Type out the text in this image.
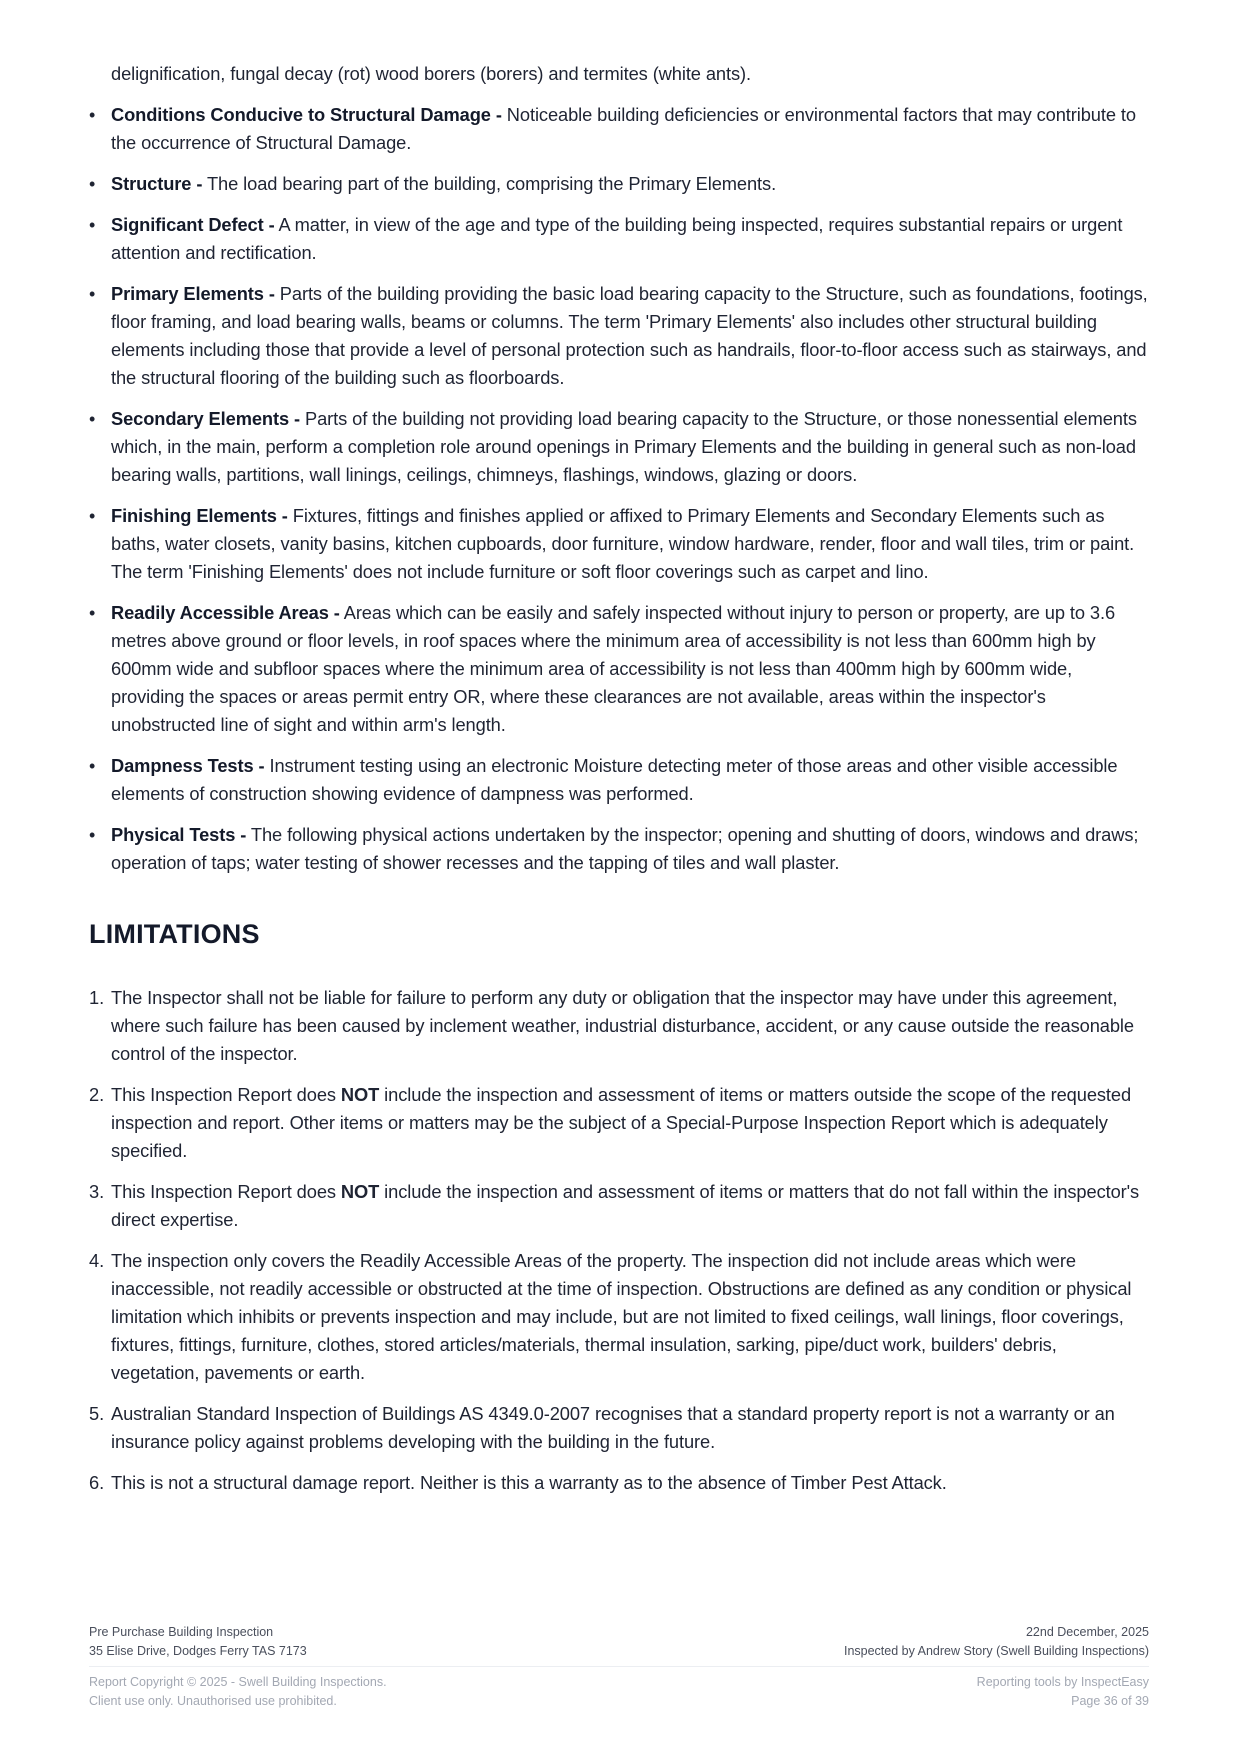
delignification, fungal decay (rot) wood borers (borers) and termites (white ants).
• Conditions Conducive to Structural Damage - Noticeable building deficiencies or environmental factors that may contribute to the occurrence of Structural Damage.
• Structure - The load bearing part of the building, comprising the Primary Elements.
• Significant Defect - A matter, in view of the age and type of the building being inspected, requires substantial repairs or urgent attention and rectification.
• Primary Elements - Parts of the building providing the basic load bearing capacity to the Structure, such as foundations, footings, floor framing, and load bearing walls, beams or columns. The term 'Primary Elements' also includes other structural building elements including those that provide a level of personal protection such as handrails, floor-to-floor access such as stairways, and the structural flooring of the building such as floorboards.
• Secondary Elements - Parts of the building not providing load bearing capacity to the Structure, or those nonessential elements which, in the main, perform a completion role around openings in Primary Elements and the building in general such as non-load bearing walls, partitions, wall linings, ceilings, chimneys, flashings, windows, glazing or doors.
• Finishing Elements - Fixtures, fittings and finishes applied or affixed to Primary Elements and Secondary Elements such as baths, water closets, vanity basins, kitchen cupboards, door furniture, window hardware, render, floor and wall tiles, trim or paint. The term 'Finishing Elements' does not include furniture or soft floor coverings such as carpet and lino.
• Readily Accessible Areas - Areas which can be easily and safely inspected without injury to person or property, are up to 3.6 metres above ground or floor levels, in roof spaces where the minimum area of accessibility is not less than 600mm high by 600mm wide and subfloor spaces where the minimum area of accessibility is not less than 400mm high by 600mm wide, providing the spaces or areas permit entry OR, where these clearances are not available, areas within the inspector's unobstructed line of sight and within arm's length.
• Dampness Tests - Instrument testing using an electronic Moisture detecting meter of those areas and other visible accessible elements of construction showing evidence of dampness was performed.
• Physical Tests - The following physical actions undertaken by the inspector; opening and shutting of doors, windows and draws; operation of taps; water testing of shower recesses and the tapping of tiles and wall plaster.
LIMITATIONS
1. The Inspector shall not be liable for failure to perform any duty or obligation that the inspector may have under this agreement, where such failure has been caused by inclement weather, industrial disturbance, accident, or any cause outside the reasonable control of the inspector.
2. This Inspection Report does NOT include the inspection and assessment of items or matters outside the scope of the requested inspection and report. Other items or matters may be the subject of a Special-Purpose Inspection Report which is adequately specified.
3. This Inspection Report does NOT include the inspection and assessment of items or matters that do not fall within the inspector's direct expertise.
4. The inspection only covers the Readily Accessible Areas of the property. The inspection did not include areas which were inaccessible, not readily accessible or obstructed at the time of inspection. Obstructions are defined as any condition or physical limitation which inhibits or prevents inspection and may include, but are not limited to fixed ceilings, wall linings, floor coverings, fixtures, fittings, furniture, clothes, stored articles/materials, thermal insulation, sarking, pipe/duct work, builders' debris, vegetation, pavements or earth.
5. Australian Standard Inspection of Buildings AS 4349.0-2007 recognises that a standard property report is not a warranty or an insurance policy against problems developing with the building in the future.
6. This is not a structural damage report. Neither is this a warranty as to the absence of Timber Pest Attack.
Pre Purchase Building Inspection
35 Elise Drive, Dodges Ferry TAS 7173
22nd December, 2025
Inspected by Andrew Story (Swell Building Inspections)
Report Copyright © 2025 - Swell Building Inspections.
Client use only. Unauthorised use prohibited.
Reporting tools by InspectEasy
Page 36 of 39
